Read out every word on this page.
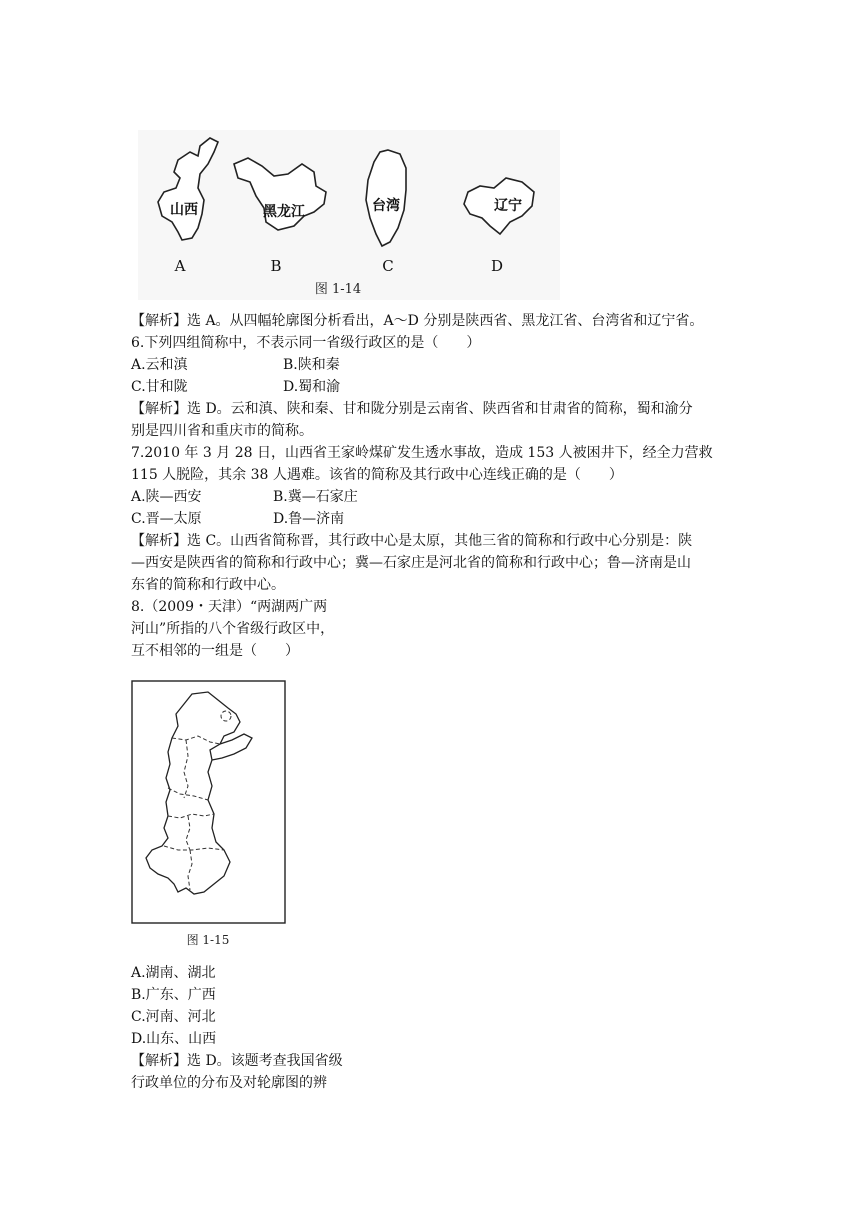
山西	黑龙江	台湾	辽宁
A	B	C	D
图 1-14
【解析】选 A。从四幅轮廓图分析看出，A～D 分别是陕西省、黑龙江省、台湾省和辽宁省。
6.下列四组简称中，不表示同一省级行政区的是（　　）
A.云和滇	B.陕和秦
C.甘和陇	D.蜀和渝
【解析】选 D。云和滇、陕和秦、甘和陇分别是云南省、陕西省和甘肃省的简称，蜀和渝分
别是四川省和重庆市的简称。
7.2010 年 3 月 28 日，山西省王家岭煤矿发生透水事故，造成 153 人被困井下，经全力营救
115 人脱险，其余 38 人遇难。该省的简称及其行政中心连线正确的是（　　）
A.陕—西安	B.冀—石家庄
C.晋—太原	D.鲁—济南
【解析】选 C。山西省简称晋，其行政中心是太原，其他三省的简称和行政中心分别是：陕
—西安是陕西省的简称和行政中心；冀—石家庄是河北省的简称和行政中心；鲁—济南是山
东省的简称和行政中心。
8.（2009・天津）“两湖两广两
河山”所指的八个省级行政区中，
互不相邻的一组是（　　）
图 1-15
A.湖南、湖北
B.广东、广西
C.河南、河北
D.山东、山西
【解析】选 D。该题考查我国省级
行政单位的分布及对轮廓图的辨
